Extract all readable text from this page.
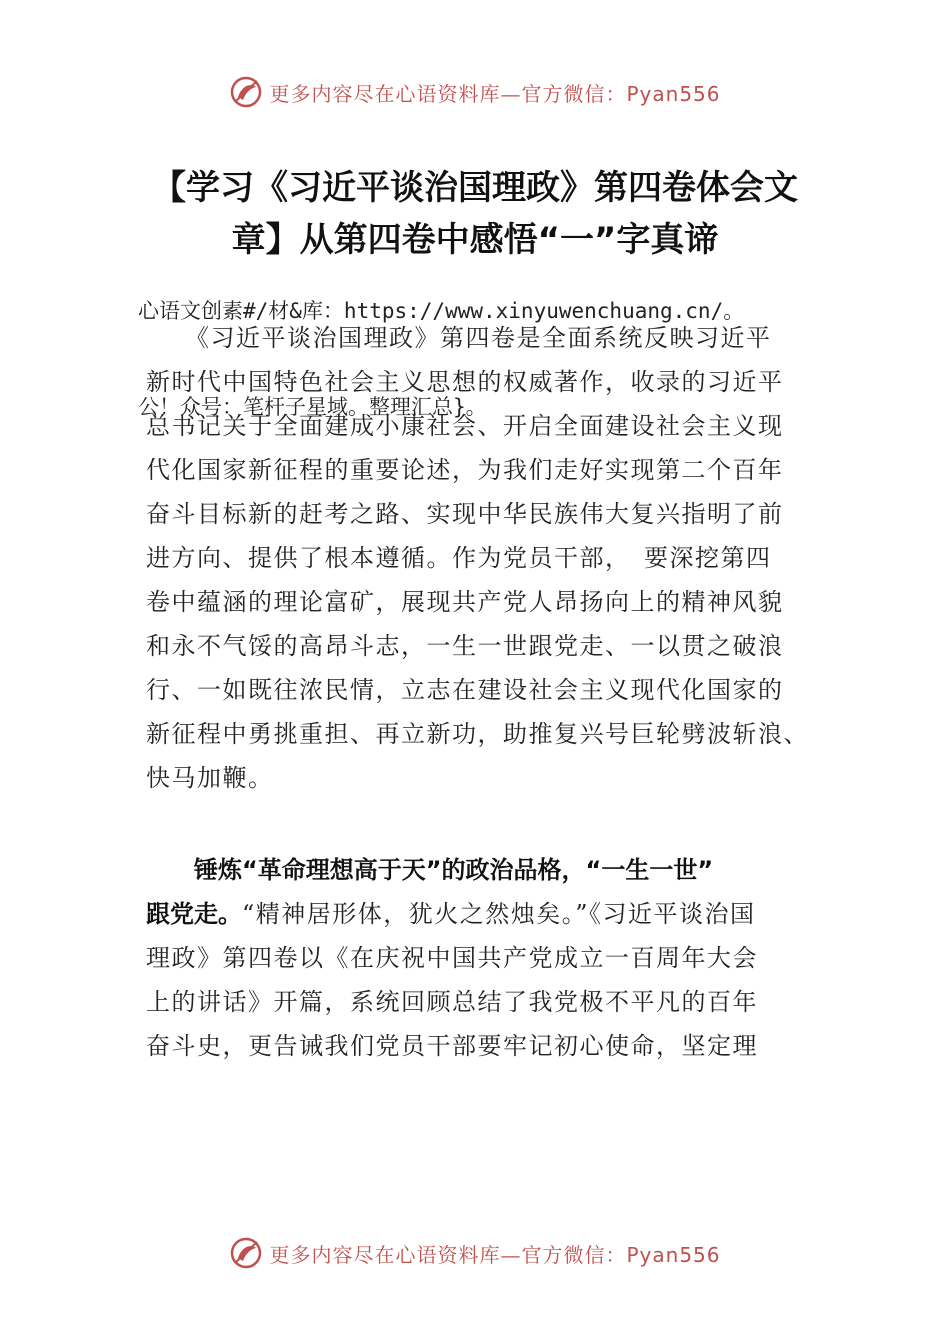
更多内容尽在心语资料库—官方微信：Pyan556
【学习《习近平谈治国理政》第四卷体会文
章】从第四卷中感悟“一”字真谛

心语文创素#/材&库：https://www.xinyuwenchuang.cn/。

公！众号：笔杆子星域。整理汇总}。

　　《习近平谈治国理政》第四卷是全面系统反映习近平
新时代中国特色社会主义思想的权威著作，收录的习近平
总书记关于全面建成小康社会、开启全面建设社会主义现
代化国家新征程的重要论述，为我们走好实现第二个百年
奋斗目标新的赶考之路、实现中华民族伟大复兴指明了前
进方向、提供了根本遵循。作为党员干部，　要深挖第四
卷中蕴涵的理论富矿，展现共产党人昂扬向上的精神风貌
和永不气馁的高昂斗志，一生一世跟党走、一以贯之破浪
行、一如既往浓民情，立志在建设社会主义现代化国家的
新征程中勇挑重担、再立新功，助推复兴号巨轮劈波斩浪、
快马加鞭。
　　锤炼“革命理想高于天”的政治品格，“一生一世”
跟党走。“精神居形体，犹火之然烛矣。”《习近平谈治国
理政》第四卷以《在庆祝中国共产党成立一百周年大会
上的讲话》开篇，系统回顾总结了我党极不平凡的百年
奋斗史，更告诫我们党员干部要牢记初心使命，坚定理
更多内容尽在心语资料库—官方微信：Pyan556
